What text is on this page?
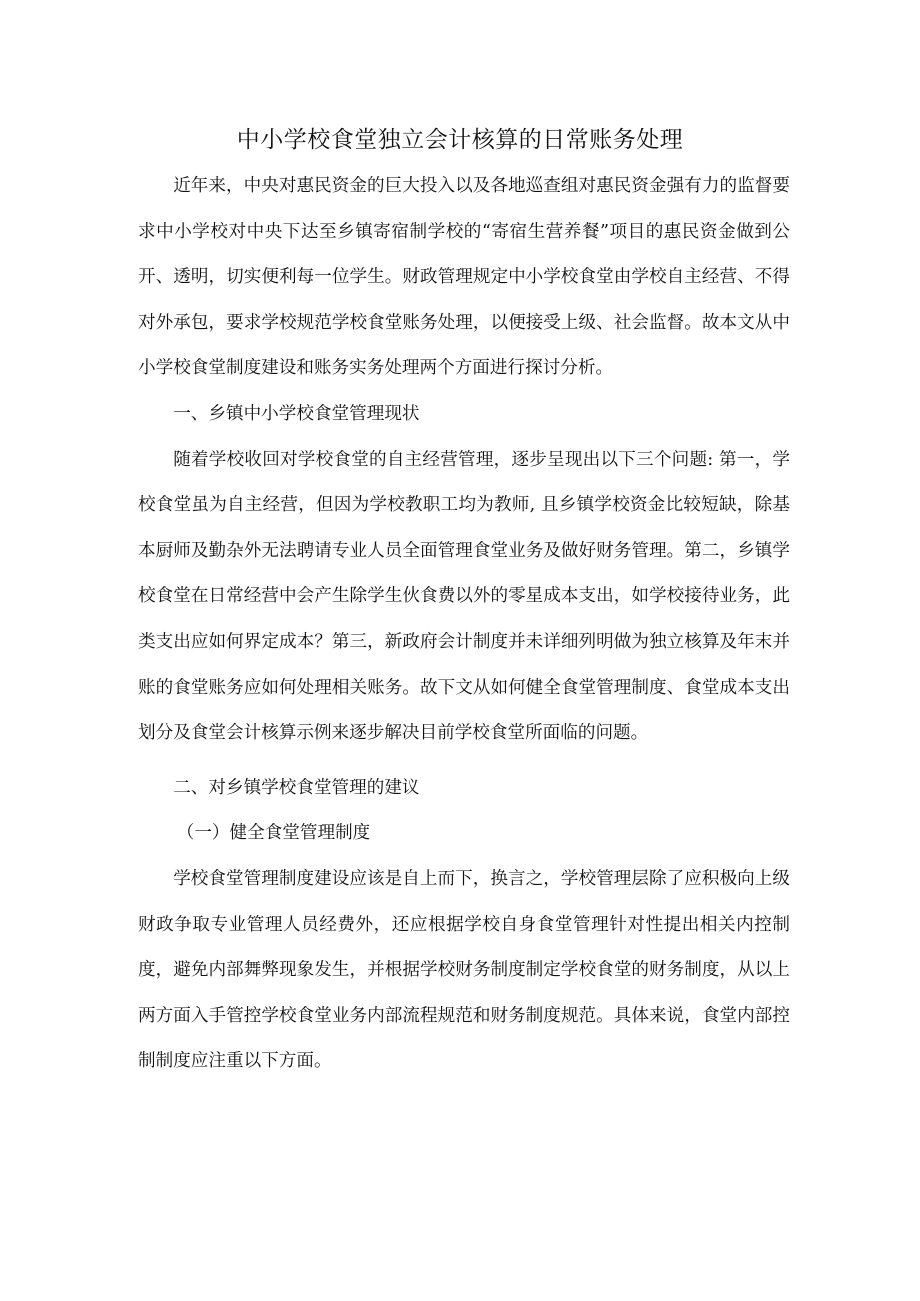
中小学校食堂独立会计核算的日常账务处理

近年来，中央对惠民资金的巨大投入以及各地巡查组对惠民资金强有力的监督要求中小学校对中央下达至乡镇寄宿制学校的“寄宿生营养餐”项目的惠民资金做到公开、透明，切实便利每一位学生。财政管理规定中小学校食堂由学校自主经营、不得对外承包，要求学校规范学校食堂账务处理，以便接受上级、社会监督。故本文从中小学校食堂制度建设和账务实务处理两个方面进行探讨分析。

一、乡镇中小学校食堂管理现状

随着学校收回对学校食堂的自主经营管理，逐步呈现出以下三个问题: 第一，学校食堂虽为自主经营，但因为学校教职工均为教师, 且乡镇学校资金比较短缺，除基本厨师及勤杂外无法聘请专业人员全面管理食堂业务及做好财务管理。第二，乡镇学校食堂在日常经营中会产生除学生伙食费以外的零星成本支出，如学校接待业务，此类支出应如何界定成本？第三，新政府会计制度并未详细列明做为独立核算及年末并账的食堂账务应如何处理相关账务。故下文从如何健全食堂管理制度、食堂成本支出划分及食堂会计核算示例来逐步解决目前学校食堂所面临的问题。

二、对乡镇学校食堂管理的建议

（一）健全食堂管理制度

学校食堂管理制度建设应该是自上而下，换言之，学校管理层除了应积极向上级财政争取专业管理人员经费外，还应根据学校自身食堂管理针对性提出相关内控制度，避免内部舞弊现象发生，并根据学校财务制度制定学校食堂的财务制度，从以上两方面入手管控学校食堂业务内部流程规范和财务制度规范。具体来说，食堂内部控制制度应注重以下方面。
